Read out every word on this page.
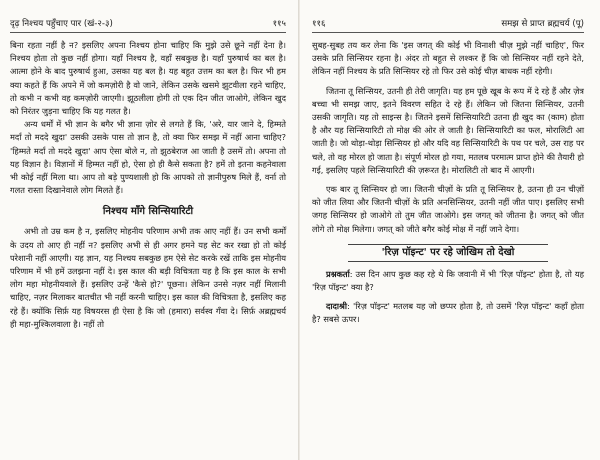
दृढ़ निश्चय पहुँचाए पार (खं-२-३)	११५

बिना रहता नहीं है न? इसलिए अपना निश्चय होना चाहिए कि मुझे उसे छूने नहीं देना है। निश्चय होता तो कुछ नहीं होगा। यहाँ निश्चय है, वहाँ सबकुछ है। यहाँ पुरुषार्थ का बल है। आत्मा होने के बाद पुरुषार्थ हुआ, उसका यह बल है। यह बहुत उत्तम का बल है। फिर भी हम क्या कहते हैं कि अपने में जो कमज़ोरी है वो जाने, लेकिन उसके खसमे झुटवीला रहने चाहिए, तो कभी न कभी वह कमज़ोरी जाएगी। झूठलीला होगी तो एक दिन जीत जाओगे, लेकिन खुद को निरंतर जुड़ना चाहिए कि यह गलत है।

अन्य धर्मों में भी ज्ञान के बगैर भी ज्ञाना ज़ोर से लगते हैं कि, 'अरे, यार जाने दे, हिम्मते मर्दां तो मददे खुदा' उसकी उसके पास तो ज्ञान है, तो क्या फिर समझ में नहीं आना चाहिए? 'हिम्मते मर्दां तो मददे खुदा' आप ऐसा बोले न, तो झुठबेराज आ जाती है उसमें तो। अपना तो यह विज्ञान है। विज्ञानों में हिम्मत नहीं हो, ऐसा हो ही कैसे सकता है? हमें तो इतना कहनेवाला भी कोई नहीं मिला था। आप तो बड़े पुण्यशाली हो कि आपको तो ज्ञानीपुरुष मिले हैं, वर्ना तो गलत रास्ता दिखानेवाले लोग मिलते हैं।

निश्चय माँगे सिन्सियारिटी

अभी तो उम्र कम है न, इसलिए मोहनीय परिणाम अभी तक आए नहीं हैं। उन सभी कर्मों के उदय तो आए ही नहीं न? इसलिए अभी से ही अगर हमने यह सेट कर रखा हो तो कोई परेशानी नहीं आएगी। यह ज्ञान, यह निश्चय सबकुछ हम ऐसे सेट करके रखें ताकि इस मोहनीय परिणाम में भी हमें उलझना नहीं दे। इस काल की बड़ी विचित्रता यह है कि इस काल के सभी लोग महा मोहनीयवाले हैं। इसलिए उन्हें 'कैसे हो?' पूछना। लेकिन उनसे नज़र नहीं मिलानी चाहिए, नज़र मिलाकर बातचीत भी नहीं करनी चाहिए। इस काल की विचित्रता है, इसलिए कह रहे हैं। क्योंकि सिर्फ़ यह विषयरस ही ऐसा है कि जो (हमारा) सर्वस्व गँवा दे। सिर्फ़ अब्रह्मचर्य ही महा-मुश्किलवाला है। नहीं तो

११६	समझ से प्राप्त ब्रह्मचर्य (पू)

सुबह-सुबह तय कर लेना कि 'इस जगत् की कोई भी विनाशी चीज़ मुझे नहीं चाहिए', फिर उसके प्रति सिन्सियर रहना है। अंदर तो बहुत से लश्कर हैं कि जो सिन्सियर नहीं रहने देते, लेकिन नहीं निश्चय के प्रति सिन्सियर रहे तो फिर उसे कोई चीज़ बाधक नहीं रहेगी।

जितना तू सिन्सियर, उतनी ही तेरी जागृति। यह हम पूछे खूब के रूप में दे रहे हैं और ज़ेत्र बच्चा भी समझ जाए, इतने विवरण सहित दे रहे हैं। लेकिन जो जितना सिन्सियर, उतनी उसकी जागृति। यह तो साइन्स है। जितने इसमें सिन्सियारिटी उतना ही खुद का (काम) होता है और यह सिन्सियारिटी तो मोक्ष की ओर ले जाती है। सिन्सियारिटी का फल, मोरालिटी आ जाती है। जो थोड़ा-थोड़ा सिन्सियर हो और यदि वह सिन्सियारिटी के पथ पर चले, उस राह पर चले, तो वह मोरल हो जाता है। संपूर्ण मोरल हो गया, मतलब परमात्म प्राप्त होने की तैयारी हो गई, इसलिए पहले सिन्सियारिटी की ज़रूरत है। मोरालिटी तो बाद में आएगी।

एक बार तू सिन्सियर हो जा। जितनी चीज़ों के प्रति तू सिन्सियर है, उतना ही उन चीज़ों को जीत लिया और जितनी चीज़ों के प्रति अनसिन्सियर, उतनी नहीं जीत पाए। इसलिए सभी जगह सिन्सियर हो जाओगे तो तुम जीत जाओगे। इस जगत् को जीतना है। जगत् को जीत लोगे तो मोक्ष मिलेगा। जगत् को जीते बगैर कोई मोक्ष में नहीं जाने देगा।

'रिज़ पॉइन्ट' पर रहे जोखिम तो देखो

प्रश्नकर्ता: उस दिन आप कुछ कह रहे थे कि जवानी में भी 'रिज़ पॉइन्ट' होता है, तो यह 'रिज़ पॉइन्ट' क्या है?

दादाश्री: 'रिज़ पॉइन्ट' मतलब यह जो छप्पर होता है, तो उसमें 'रिज़ पॉइन्ट' कहाँ होता है? सबसे ऊपर।
